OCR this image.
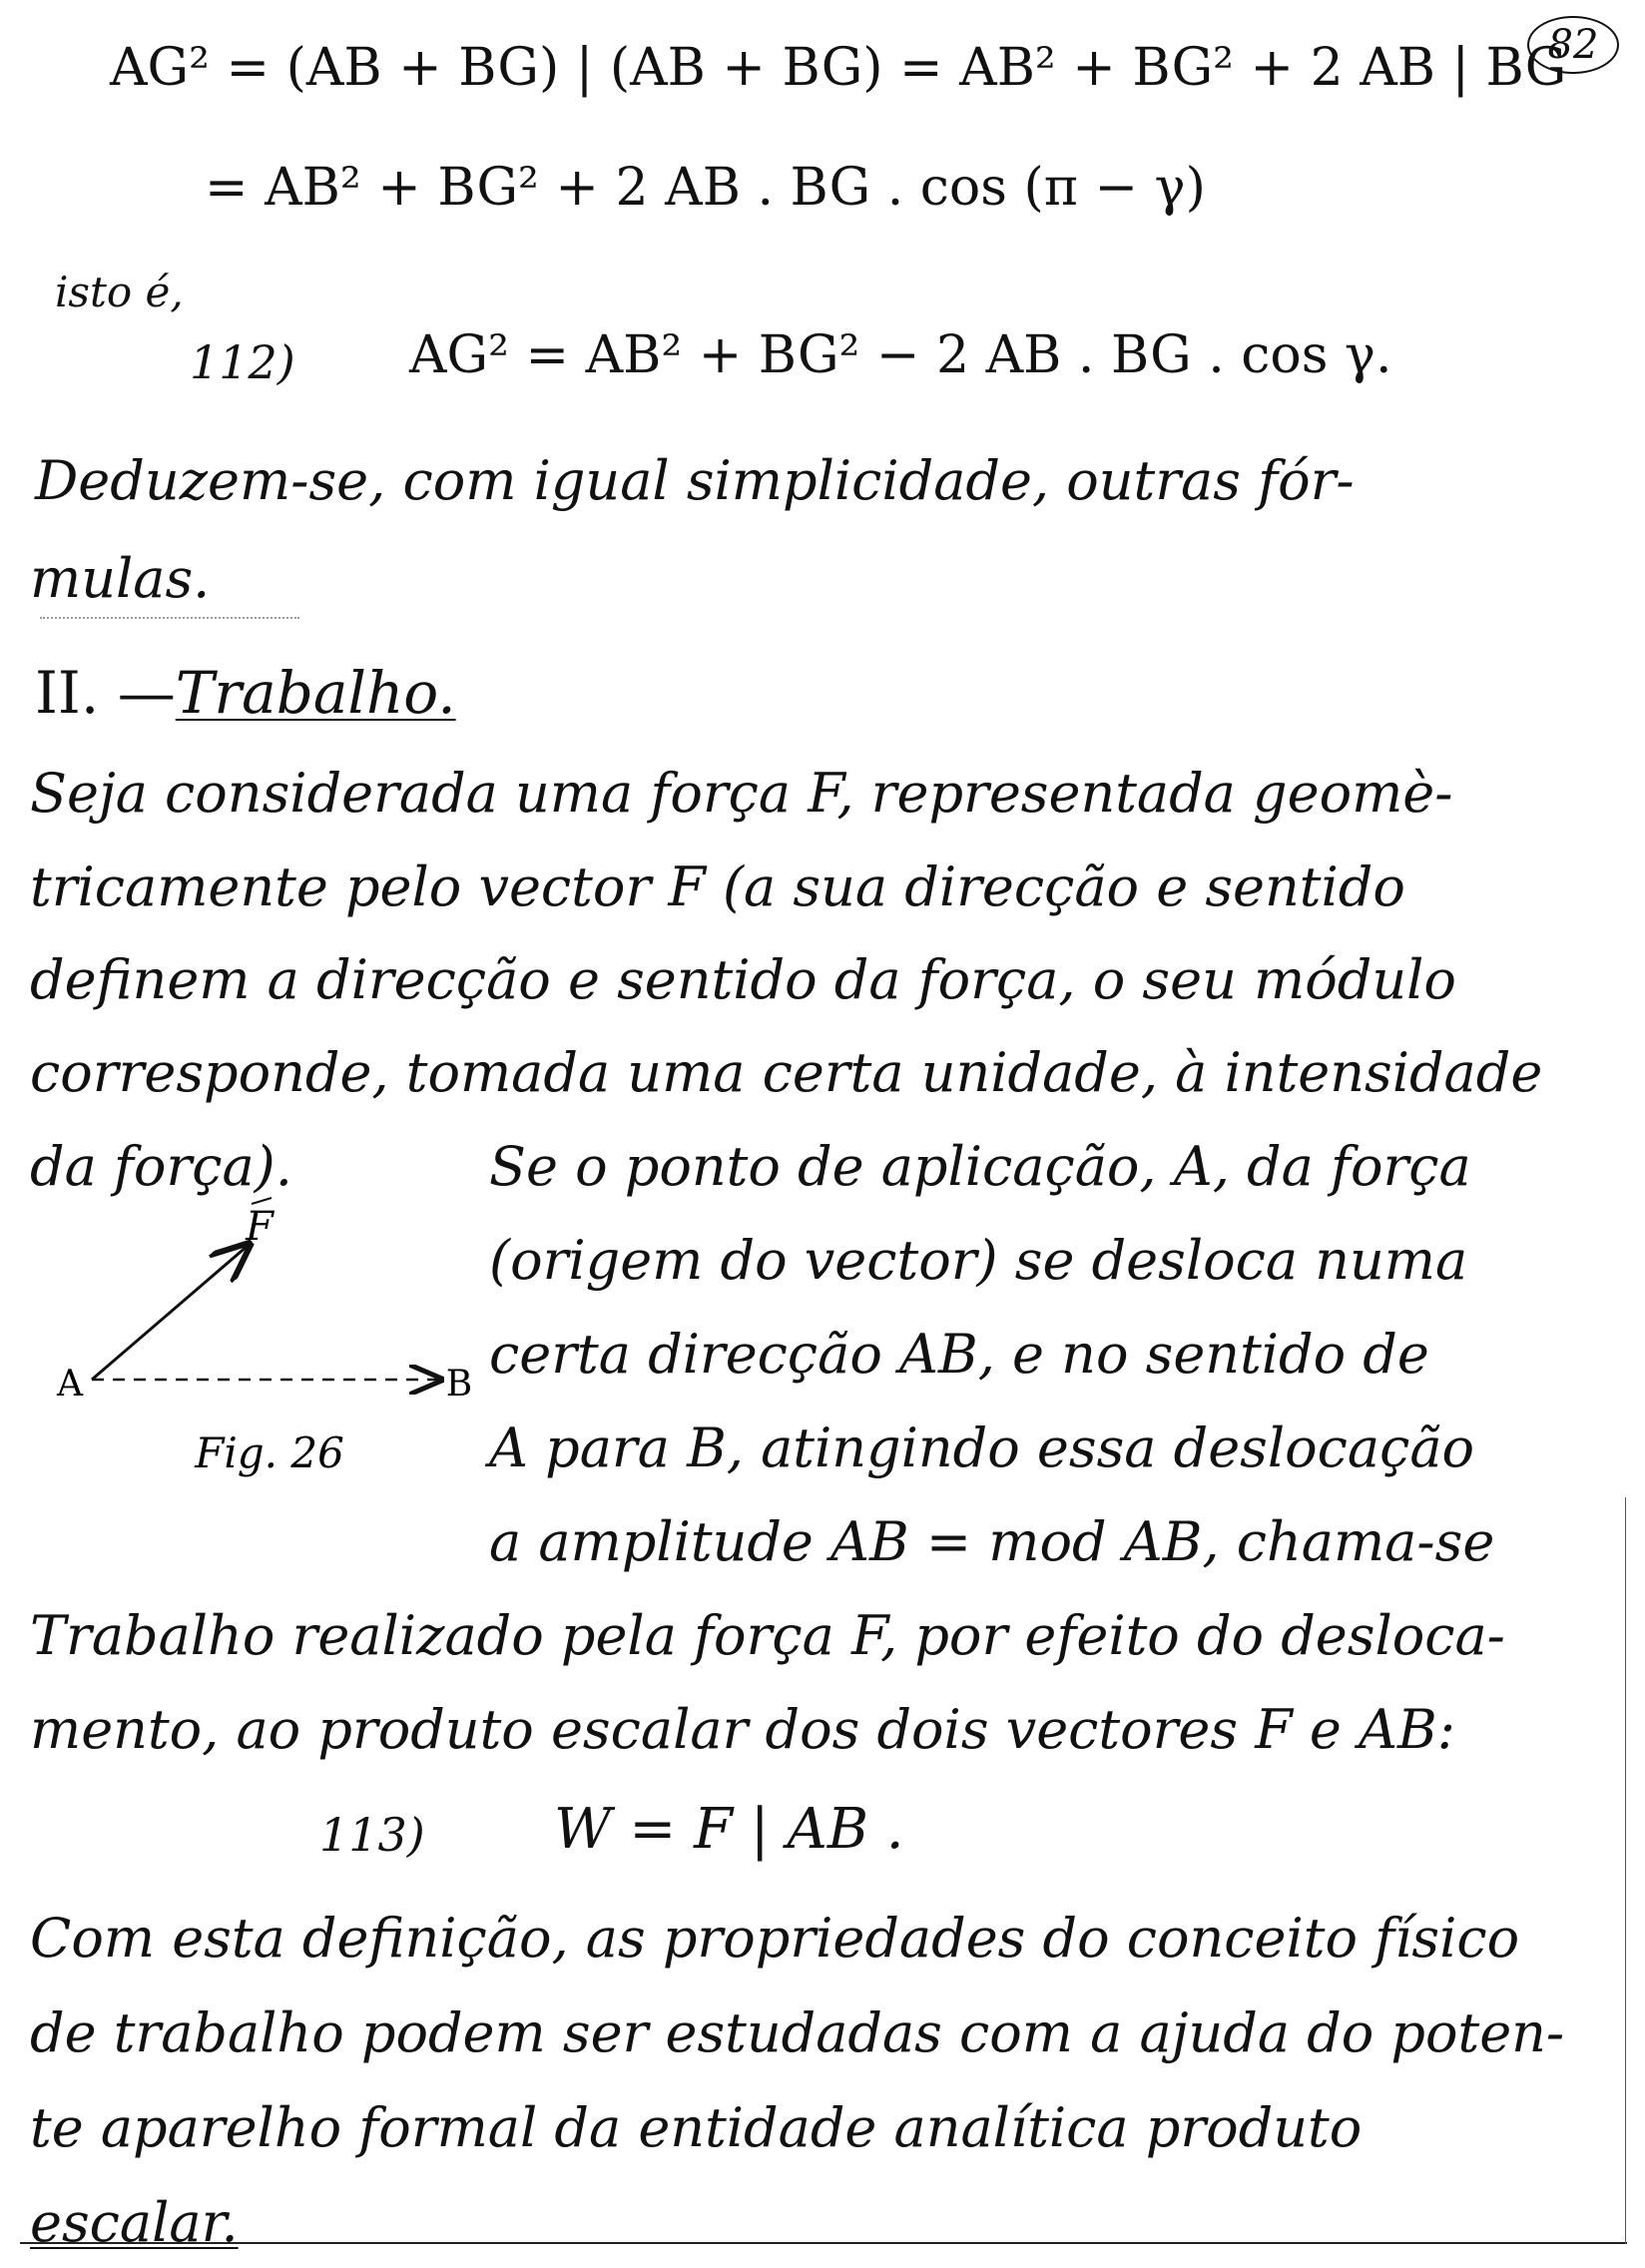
82
AG² = (AB + BG) | (AB + BG) = AB² + BG² + 2 AB | BG
= AB² + BG² + 2 AB . BG . cos (π − γ)
isto é,
112) AG² = AB² + BG² − 2 AB . BG . cos γ.
Deduzem-se, com igual simplicidade, outras fór-
mulas.
II. —Trabalho.
Seja considerada uma força F, representada geomè-
tricamente pelo vector F (a sua direcção e sentido
definem a direcção e sentido da força, o seu módulo
corresponde, tomada uma certa unidade, à intensidade
da força).	Se o ponto de aplicação, A, da força
(origem do vector) se desloca numa
certa direcção AB, e no sentido de
A para B, atingindo essa deslocação
a amplitude AB = mod AB, chama-se
Trabalho realizado pela força F, por efeito do desloca-
mento, ao produto escalar dos dois vectores F e AB:
F
A	B
Fig. 26
113) W = F | AB .
Com esta definição, as propriedades do conceito físico
de trabalho podem ser estudadas com a ajuda do poten-
te aparelho formal da entidade analítica produto
escalar.
